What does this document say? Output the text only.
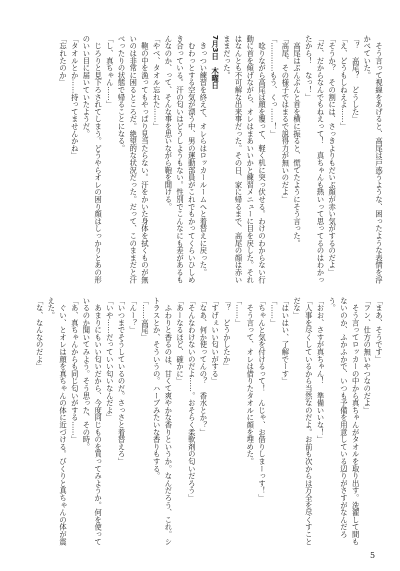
　そう言って視線をあげると、高尾は戸惑うような、困ったような表情を浮かべていた。

「？　高尾？　どうした」

「え、どうもしねえよ……」

「そうか？　その割には、さっきよりもだいぶ顔が赤い気がするのだよ」

「だ、だからなんでもねえって！　真ちゃんも熱いって思ってるのはわかったから！　なっ！」

　高尾はぶんぶんと首を横に振ると、慌てたようにそう言った。

「高尾、その様子ではまるで説得力が無いのだよ」

「…………もう、くっ……！」

　唸りながら高尾は顔を覆って、軽く机に突っ伏せる。わけのわからない行動に首を傾げながら、オレはまあいいかと練習メニューに目を戻した。それはなんとも不可解な出来事だった。その日、家に帰るまで、高尾の顔は赤いままだった。

7月3日　木曜日

　きっつい練習を終えて、オレらはロッカールームへと着替えに戻った。

　むわっとする空気が漂う中、男の運動部員がこれでもかってくらいひしめき合っている。汗の匂いはどうしようもない。性別でこんなにも差があるもんなのか、って、そんな事を思いながら鞄を開ける。

「やべ、タオル忘れた……」

　鞄の中を漁ってもやっぱり見当たらない。汗をかいた身体を拭くものが無いのは非常に困るところだ。絶望的な状況だった。だって、このままだと汗べったりの状態で帰ることになる。

「し、真ちゃん……」

　じろりと見下ろされてしまう。どうやらオレの困り顔はしっかりとあの形のいい目に届いていたようだ。

「タオルとか……持ってませんかね」

「忘れたのか」

「まあ、そうです」

「フン、仕方の無いやつなのだよ」

　そう言ってロッカーの中から真ちゃんがタオルを取り出す。洗濯して間もないのか、ふかふかで、いつも予備を用意している辺りがさすがなんだろう。

「おお、さすが真ちゃん！　準備いいな！」

「人事を尽くしているから当然なのだよ。お前も次からは万全を尽くすことだな」

「はいはい、了解でーす」

「……」

「ちゃんと気を付けるって！　んじゃ、お借りしまーっす！」

　そう言って、オレは借りたタオルに顔を埋めた。

「……」

「？　どうかしたか」

「すげぇいい匂いがする」

「なあ、何か使ってんの？　香水とか？」

「そんなわけないのだよ……。おそらく柔軟剤の匂いだろう」

「あーなるほど、確かに」

　ふわりと香るのは、甘くて爽やかな香りというか。なんだろう、これ。シトラスとか、そういうの。ハーブみたいな香りもする。

「……高尾」

「んー？」

「いつまでそうしているのだ。さっさと着替えろ」

「いや……だっていい匂いなんだよ」

　あまりにもいい匂いだから、今度同じものを買ってみようか。何を使っているのか聞いてみよう。そう思った、その時。

「あ、真ちゃんからも同じ匂いがする……」

　ぐい、とオレは顔を真ちゃんの体に近づける。びくりと真ちゃんの体が震えた。

「な、なんなのだよ」

5
